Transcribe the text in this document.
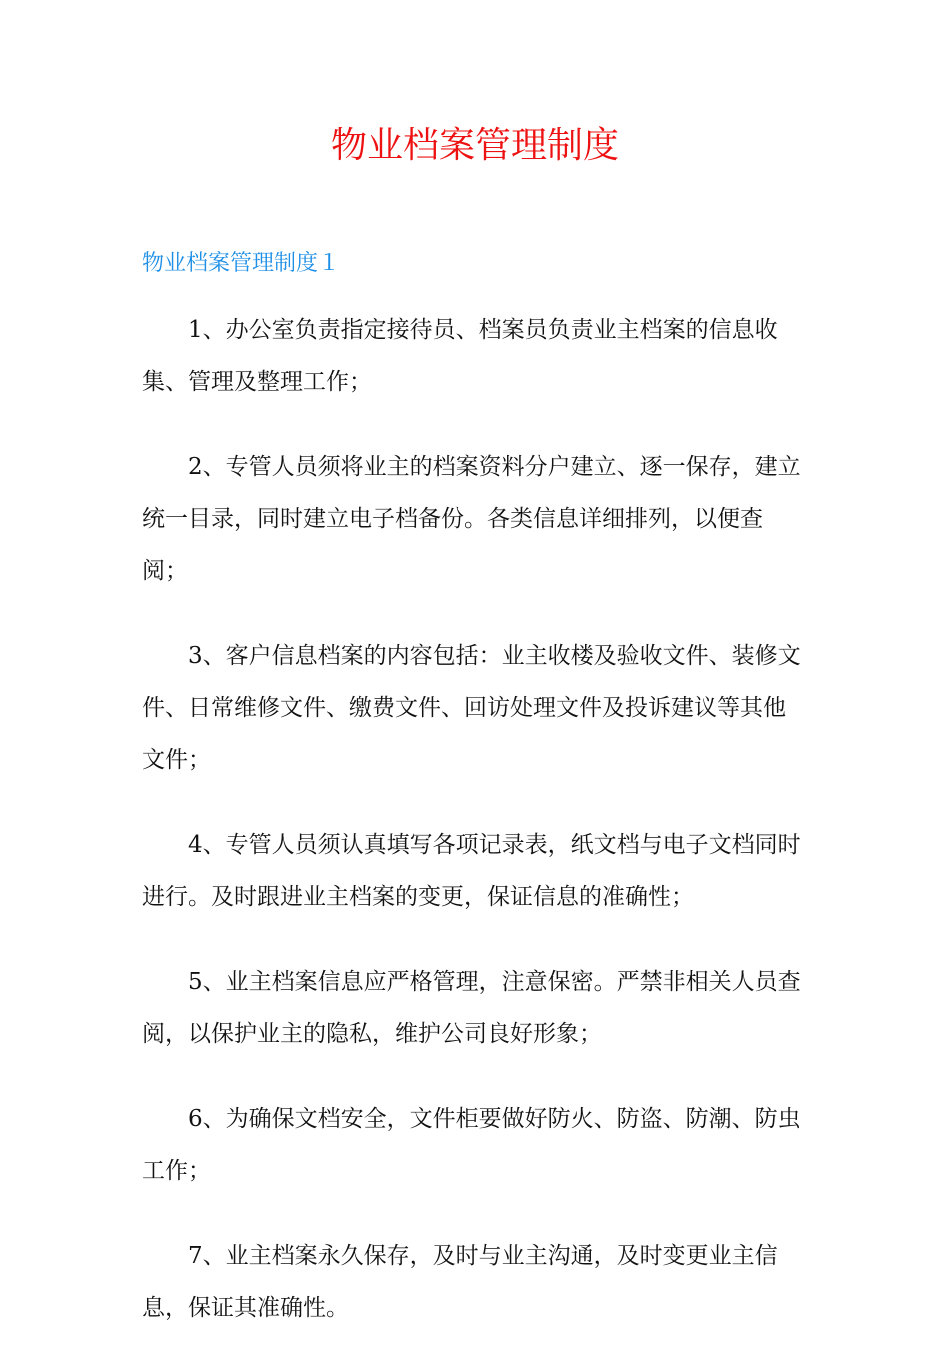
物业档案管理制度
物业档案管理制度１

1、办公室负责指定接待员、档案员负责业主档案的信息收集、管理及整理工作；

2、专管人员须将业主的档案资料分户建立、逐一保存，建立统一目录，同时建立电子档备份。各类信息详细排列，以便查阅；

3、客户信息档案的内容包括：业主收楼及验收文件、装修文件、日常维修文件、缴费文件、回访处理文件及投诉建议等其他文件；

4、专管人员须认真填写各项记录表，纸文档与电子文档同时进行。及时跟进业主档案的变更，保证信息的准确性；

5、业主档案信息应严格管理，注意保密。严禁非相关人员查阅，以保护业主的隐私，维护公司良好形象；

6、为确保文档安全，文件柜要做好防火、防盗、防潮、防虫工作；

7、业主档案永久保存，及时与业主沟通，及时变更业主信息，保证其准确性。
